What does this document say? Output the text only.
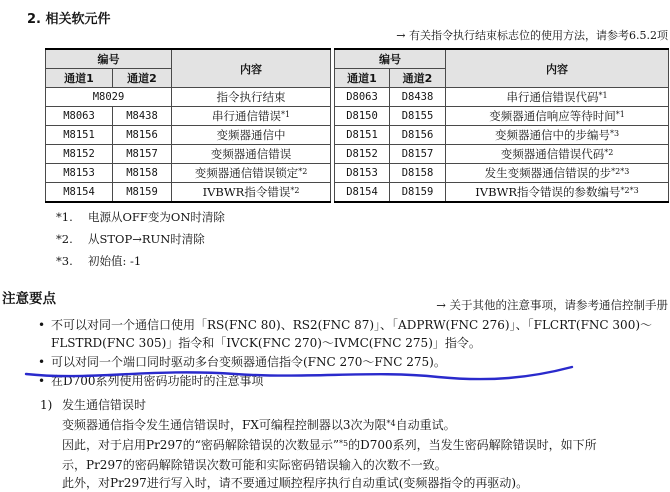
2. 相关软元件
→ 有关指令执行结束标志位的使用方法，请参考6.5.2项
编号		内容
通道1	通道2	
M8029		指令执行结束
M8063	M8438	串行通信错误$^{*1}$
M8151	M8156	变频器通信中
M8152	M8157	变频器通信错误
M8153	M8158	变频器通信错误锁定$^{*2}$
M8154	M8159	IVBWR指令错误$^{*2}$
编号		内容
通道1	通道2	
D8063	D8438	串行通信错误代码$^{*1}$
D8150	D8155	变频器通信响应等待时间$^{*1}$
D8151	D8156	变频器通信中的步编号$^{*3}$
D8152	D8157	变频器通信错误代码$^{*2}$
D8153	D8158	发生变频器通信错误的步$^{*2*3}$
D8154	D8159	IVBWR指令错误的参数编号$^{*2*3}$
*1.	电源从OFF变为ON时清除
*2.	从STOP→RUN时清除
*3.	初始值: -1
注意要点	→ 关于其他的注意事项，请参考通信控制手册
• 不可以对同一个通信口使用「RS(FNC 80)、RS2(FNC 87)」、「ADPRW(FNC 276)」、「FLCRT(FNC 300)～
FLSTRD(FNC 305)」指令和「IVCK(FNC 270)～IVMC(FNC 275)」指令。
• 可以对同一个端口同时驱动多台变频器通信指令(FNC 270～FNC 275)。
• 在D700系列使用密码功能时的注意事项
1) 发生通信错误时
变频器通信指令发生通信错误时，FX可编程控制器以3次为限$^{*4}$自动重试。
因此，对于启用Pr297的“密码解除错误的次数显示”$^{*5}$的D700系列，当发生密码解除错误时，如下所
示，Pr297的密码解除错误次数可能和实际密码错误输入的次数不一致。
此外，对Pr297进行写入时，请不要通过顺控程序执行自动重试(变频器指令的再驱动)。
